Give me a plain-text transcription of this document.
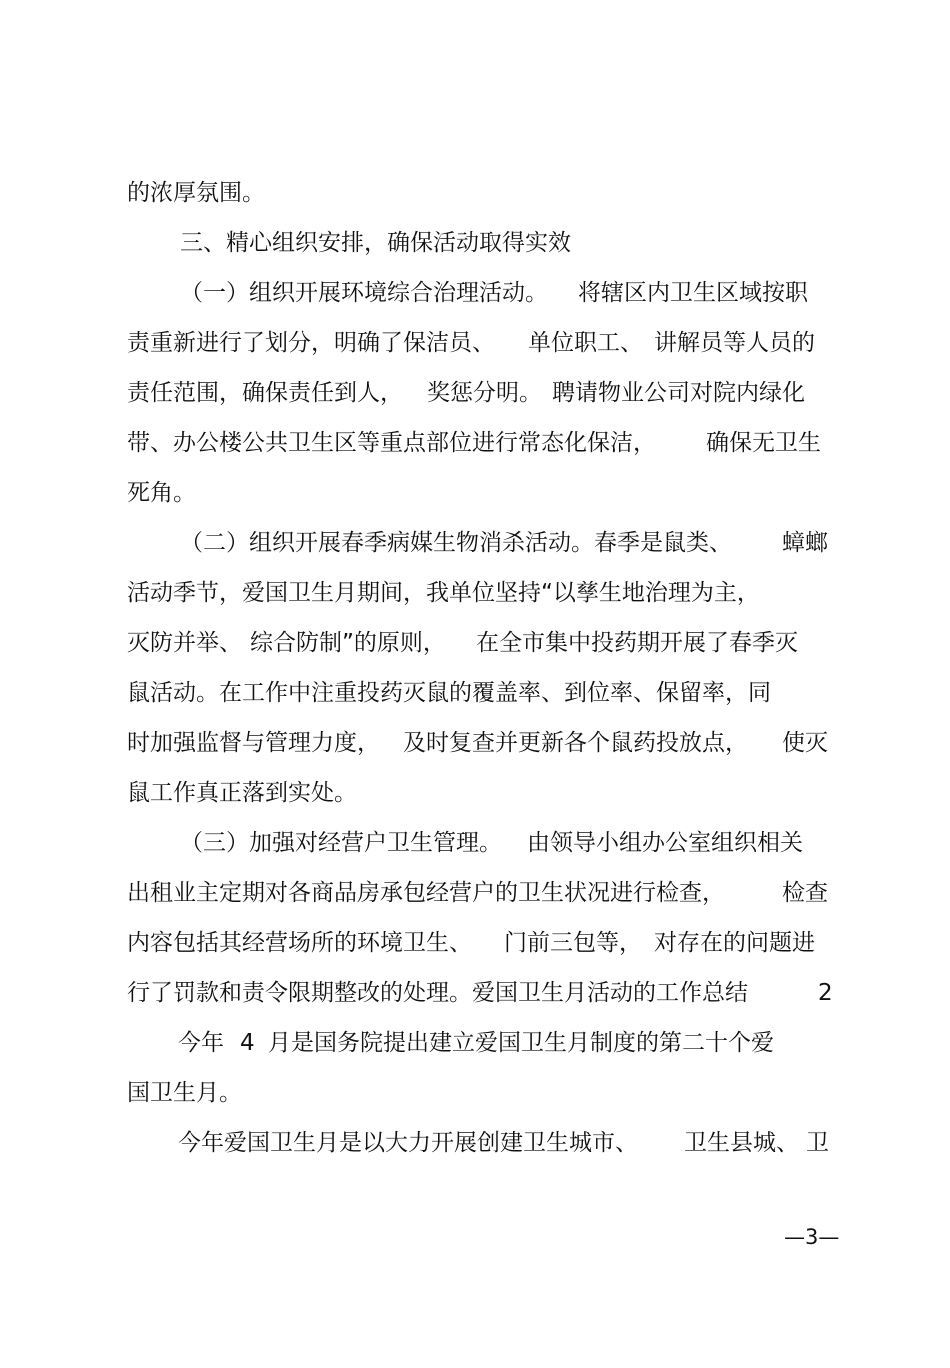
的浓厚氛围。

三、精心组织安排，确保活动取得实效

（一）组织开展环境综合治理活动。

将辖区内卫生区域按职

责重新进行了划分，明确了保洁员、

单位职工、

讲解员等人员的

责任范围，确保责任到人，

奖惩分明。

聘请物业公司对院内绿化

带、办公楼公共卫生区等重点部位进行常态化保洁，

确保无卫生

死角。

（二）组织开展春季病媒生物消杀活动。春季是鼠类、

蟑螂

活动季节，爱国卫生月期间，我单位坚持“以孳生地治理为主，

灭防并举、

综合防制”的原则，

在全市集中投药期开展了春季灭

鼠活动。在工作中注重投药灭鼠的覆盖率、到位率、保留率，同

时加强监督与管理力度，

及时复查并更新各个鼠药投放点，

使灭

鼠工作真正落到实处。

（三）加强对经营户卫生管理。

由领导小组办公室组织相关

出租业主定期对各商品房承包经营户的卫生状况进行检查，

检查

内容包括其经营场所的环境卫生、

门前三包等，

对存在的问题进

行了罚款和责令限期整改的处理。爱国卫生月活动的工作总结

	2

今年

4

月是国务院提出建立爱国卫生月制度的第二十个爱

国卫生月。

今年爱国卫生月是以大力开展创建卫生城市、

卫生县城、

卫

—3—
